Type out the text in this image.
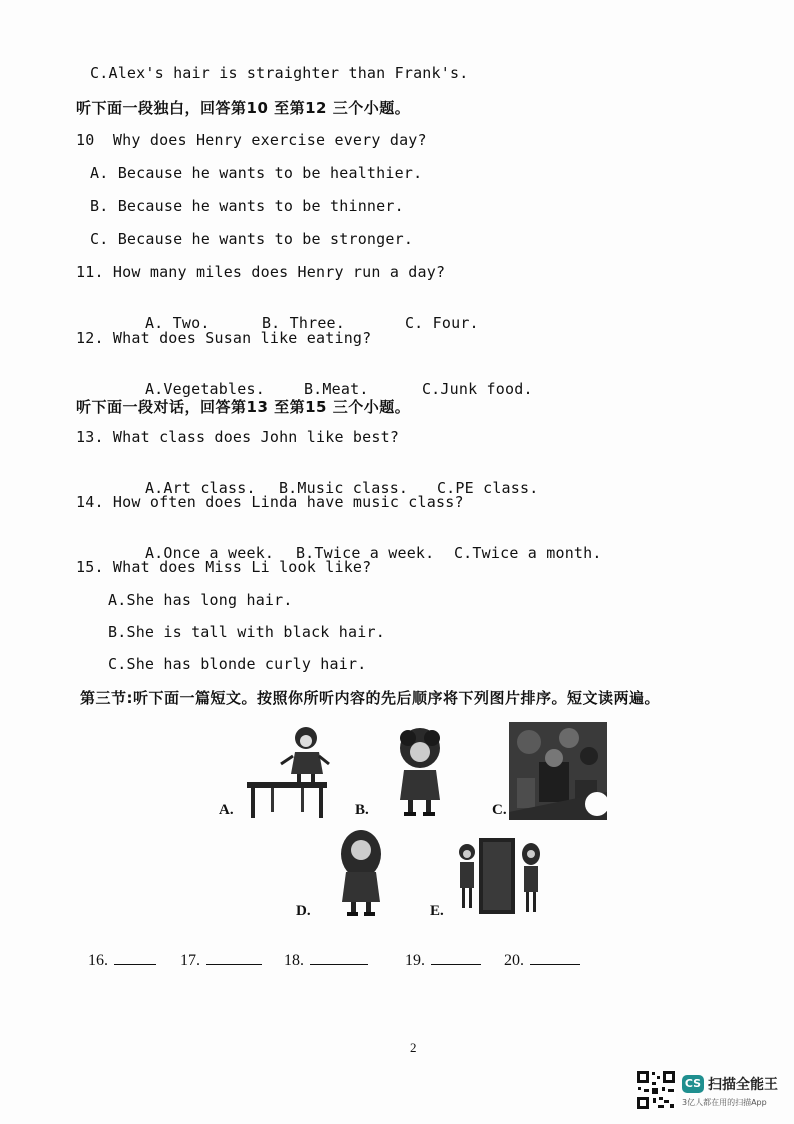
C.Alex's hair is straighter than Frank's.
听下面一段独白，回答第10 至第12 三个小题。
10  Why does Henry exercise every day?
A. Because he wants to be healthier.
B. Because he wants to be thinner.
C. Because he wants to be stronger.
11. How many miles does Henry run a day?

A. Two.	B. Three.	C. Four.

12. What does Susan like eating?

A.Vegetables.	B.Meat.	C.Junk food.

听下面一段对话，回答第13 至第15 三个小题。
13. What class does John like best?

A.Art class. B.Music class. C.PE class.

14. How often does Linda have music class?

A.Once a week. B.Twice a week. C.Twice a month.

15. What does Miss Li look like?
A.She has long hair.
B.She is tall with black hair.
C.She has blonde curly hair.
第三节:听下面一篇短文。按照你所听内容的先后顺序将下列图片排序。短文读两遍。
A.	B.	C.
D.	E.
16.	17.	18.	19.	20.
2
CS 扫描全能王
3亿人都在用的扫描App
